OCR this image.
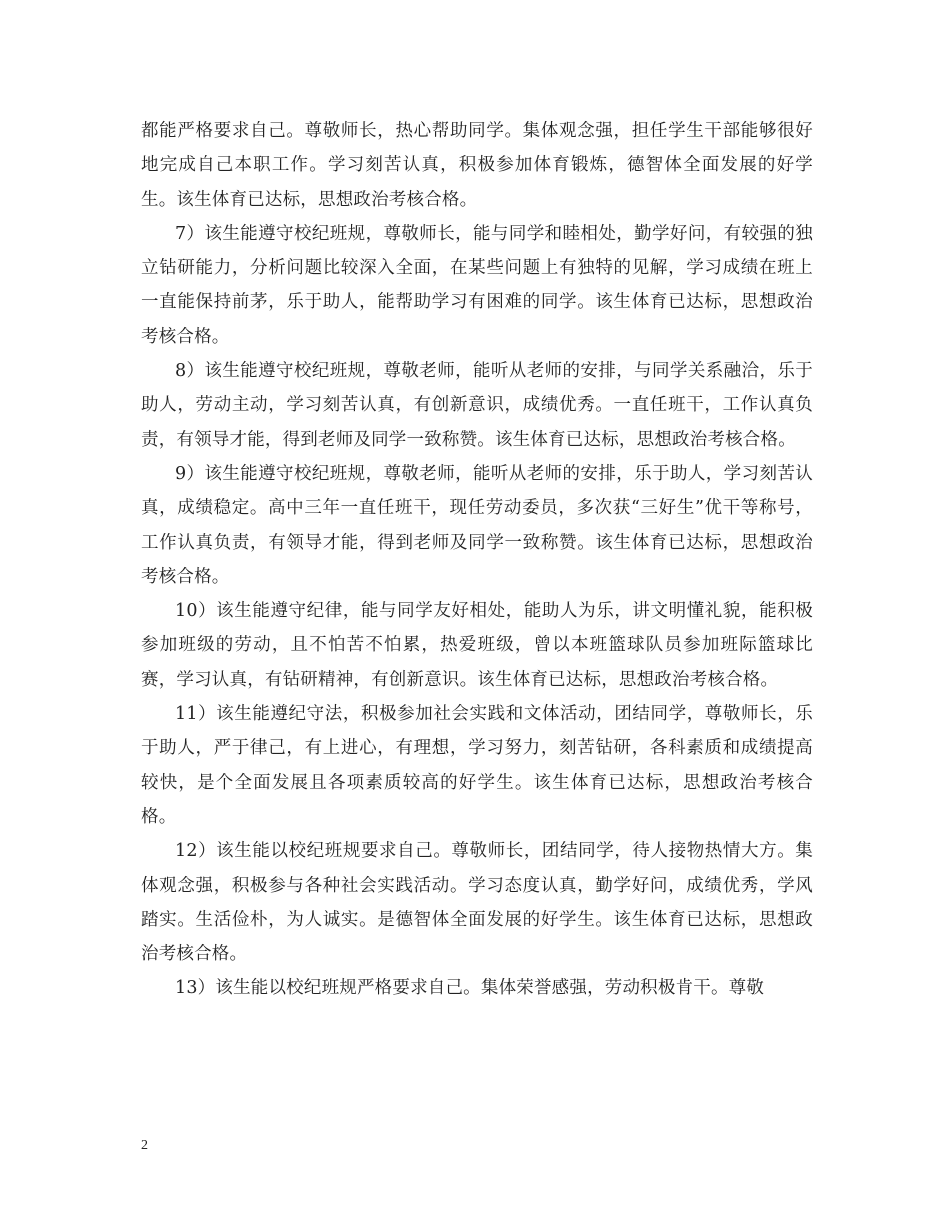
都能严格要求自己。尊敬师长，热心帮助同学。集体观念强，担任学生干部能够很好地完成自己本职工作。学习刻苦认真，积极参加体育锻炼，德智体全面发展的好学生。该生体育已达标，思想政治考核合格。

7）该生能遵守校纪班规，尊敬师长，能与同学和睦相处，勤学好问，有较强的独立钻研能力，分析问题比较深入全面，在某些问题上有独特的见解，学习成绩在班上一直能保持前茅，乐于助人，能帮助学习有困难的同学。该生体育已达标，思想政治考核合格。

8）该生能遵守校纪班规，尊敬老师，能听从老师的安排，与同学关系融洽，乐于助人，劳动主动，学习刻苦认真，有创新意识，成绩优秀。一直任班干，工作认真负责，有领导才能，得到老师及同学一致称赞。该生体育已达标，思想政治考核合格。

9）该生能遵守校纪班规，尊敬老师，能听从老师的安排，乐于助人，学习刻苦认真，成绩稳定。高中三年一直任班干，现任劳动委员，多次获“三好生”优干等称号，工作认真负责，有领导才能，得到老师及同学一致称赞。该生体育已达标，思想政治考核合格。

10）该生能遵守纪律，能与同学友好相处，能助人为乐，讲文明懂礼貌，能积极参加班级的劳动，且不怕苦不怕累，热爱班级，曾以本班篮球队员参加班际篮球比赛，学习认真，有钻研精神，有创新意识。该生体育已达标，思想政治考核合格。

11）该生能遵纪守法，积极参加社会实践和文体活动，团结同学，尊敬师长，乐于助人，严于律己，有上进心，有理想，学习努力，刻苦钻研，各科素质和成绩提高较快，是个全面发展且各项素质较高的好学生。该生体育已达标，思想政治考核合格。

12）该生能以校纪班规要求自己。尊敬师长，团结同学，待人接物热情大方。集体观念强，积极参与各种社会实践活动。学习态度认真，勤学好问，成绩优秀，学风踏实。生活俭朴，为人诚实。是德智体全面发展的好学生。该生体育已达标，思想政治考核合格。

13）该生能以校纪班规严格要求自己。集体荣誉感强，劳动积极肯干。尊敬

2
